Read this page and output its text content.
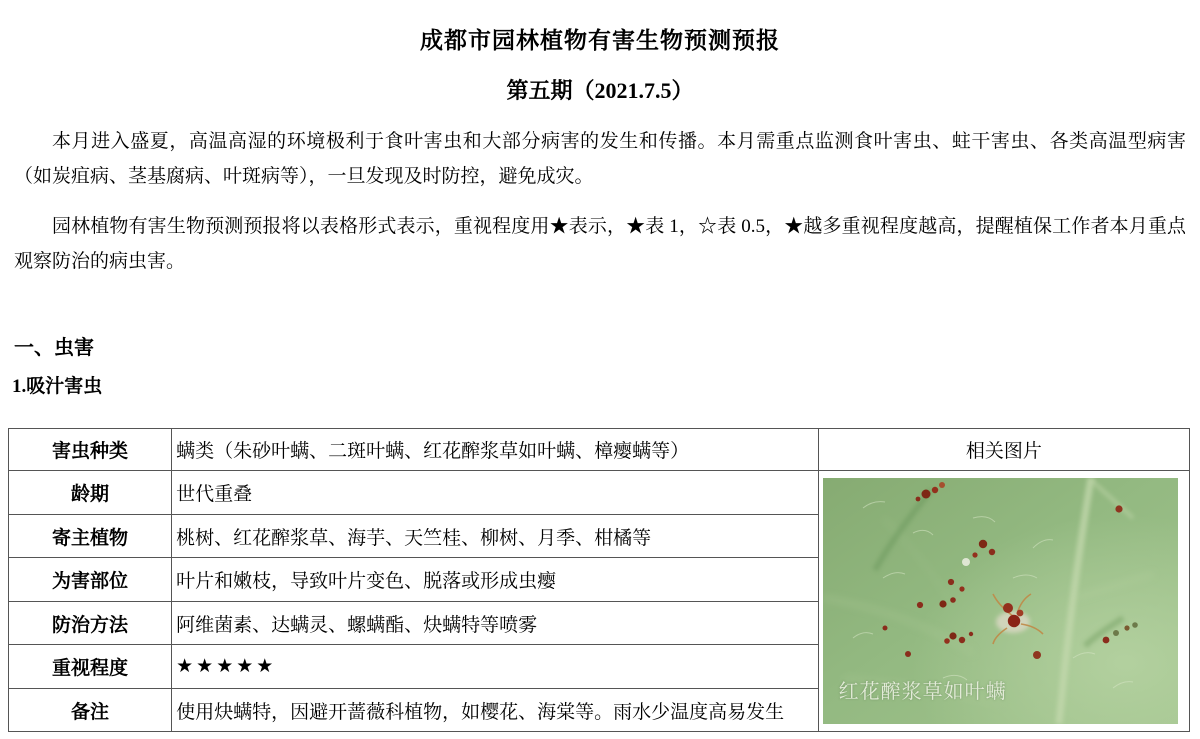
成都市园林植物有害生物预测预报
第五期（2021.7.5）
本月进入盛夏，高温高湿的环境极利于食叶害虫和大部分病害的发生和传播。本月需重点监测食叶害虫、蛀干害虫、各类高温型病害（如炭疽病、茎基腐病、叶斑病等），一旦发现及时防控，避免成灾。
园林植物有害生物预测预报将以表格形式表示，重视程度用★表示，★表 1，☆表 0.5，★越多重视程度越高，提醒植保工作者本月重点观察防治的病虫害。
一、虫害
1.吸汁害虫
害虫种类	螨类（朱砂叶螨、二斑叶螨、红花醡浆草如叶螨、樟瘿螨等）	相关图片
龄期	世代重叠	红花醡浆草如叶螨

寄主植物	桃树、红花醡浆草、海芋、天竺桂、柳树、月季、柑橘等	
为害部位	叶片和嫩枝，导致叶片变色、脱落或形成虫瘿	
防治方法	阿维菌素、达螨灵、螺螨酯、炔螨特等喷雾	
重视程度	★★★★★	
备注	使用炔螨特，因避开蔷薇科植物，如樱花、海棠等。雨水少温度高易发生	
